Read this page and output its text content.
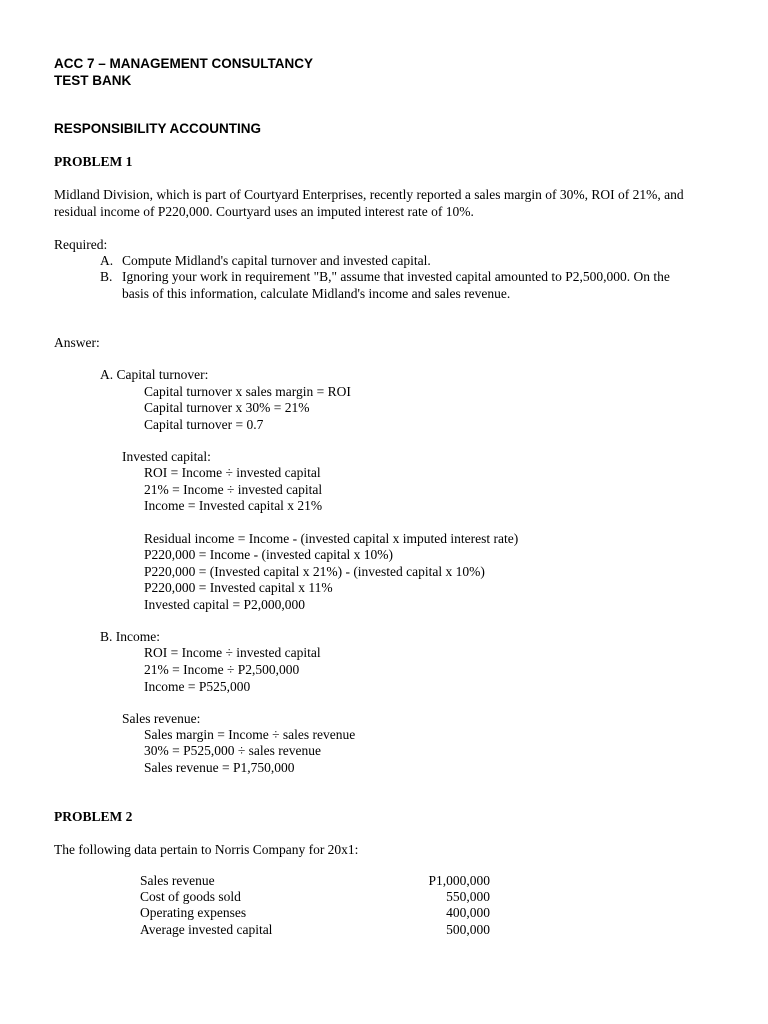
ACC 7 – MANAGEMENT CONSULTANCY
TEST BANK
RESPONSIBILITY ACCOUNTING
PROBLEM 1
Midland Division, which is part of Courtyard Enterprises, recently reported a sales margin of 30%, ROI of 21%, and
residual income of P220,000. Courtyard uses an imputed interest rate of 10%.
Required:
A. Compute Midland's capital turnover and invested capital.
B. Ignoring your work in requirement "B," assume that invested capital amounted to P2,500,000. On the
basis of this information, calculate Midland's income and sales revenue.
Answer:
A. Capital turnover:
Capital turnover x sales margin = ROI
Capital turnover x 30% = 21%
Capital turnover = 0.7
Invested capital:
ROI = Income ÷ invested capital
21% = Income ÷ invested capital
Income = Invested capital x 21%
Residual income = Income - (invested capital x imputed interest rate)
P220,000 = Income - (invested capital x 10%)
P220,000 = (Invested capital x 21%) - (invested capital x 10%)
P220,000 = Invested capital x 11%
Invested capital = P2,000,000
B. Income:
ROI = Income ÷ invested capital
21% = Income ÷ P2,500,000
Income = P525,000
Sales revenue:
Sales margin = Income ÷ sales revenue
30% = P525,000 ÷ sales revenue
Sales revenue = P1,750,000
PROBLEM 2
The following data pertain to Norris Company for 20x1:
Sales revenue	P1,000,000
Cost of goods sold	550,000
Operating expenses	400,000
Average invested capital	500,000
